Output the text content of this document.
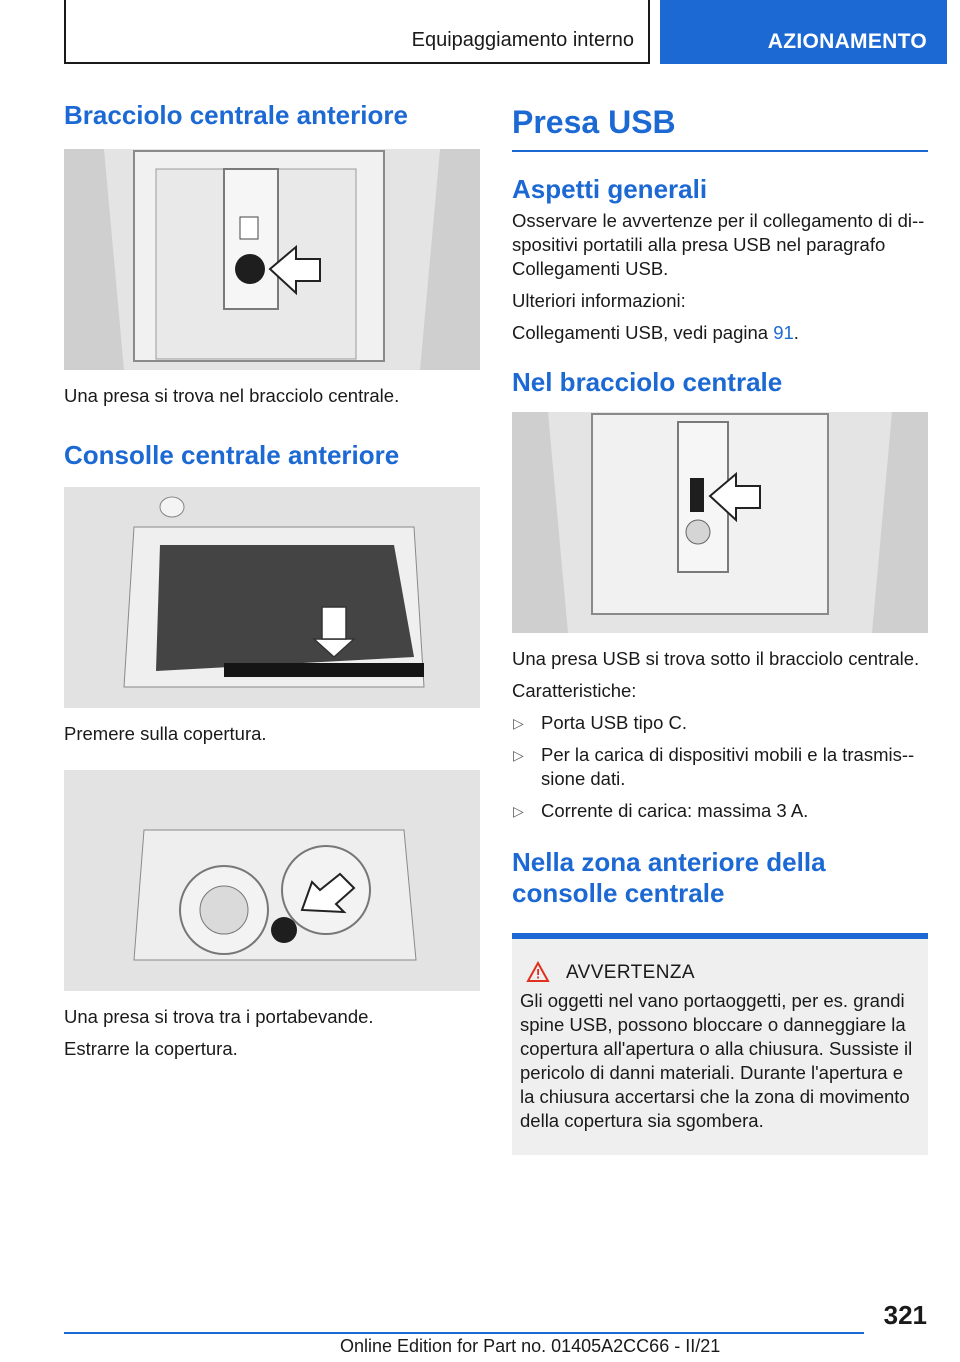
Equipaggiamento interno	AZIONAMENTO
Bracciolo centrale anteriore

Una presa si trova nel bracciolo centrale.

Consolle centrale anteriore

Premere sulla copertura.

Una presa si trova tra i portabevande.

Estrarre la copertura.

Presa USB
Aspetti generali

Osservare le avvertenze per il collegamento di di-spositivi portatili alla presa USB nel paragrafo Collegamenti USB.

Ulteriori informazioni:

Collegamenti USB, vedi pagina 91.

Nel bracciolo centrale

Una presa USB si trova sotto il bracciolo centrale.

Caratteristiche:

▷ Porta USB tipo C.
▷ Per la carica di dispositivi mobili e la trasmis-sione dati.
▷ Corrente di carica: massima 3 A.
Nella zona anteriore della consolle centrale
AVVERTENZA

Gli oggetti nel vano portaoggetti, per es. grandi spine USB, possono bloccare o danneggiare la copertura all'apertura o alla chiusura. Sussiste il pericolo di danni materiali. Durante l'apertura e la chiusura accertarsi che la zona di movimento della copertura sia sgombera.

321
Online Edition for Part no. 01405A2CC66 - II/21
